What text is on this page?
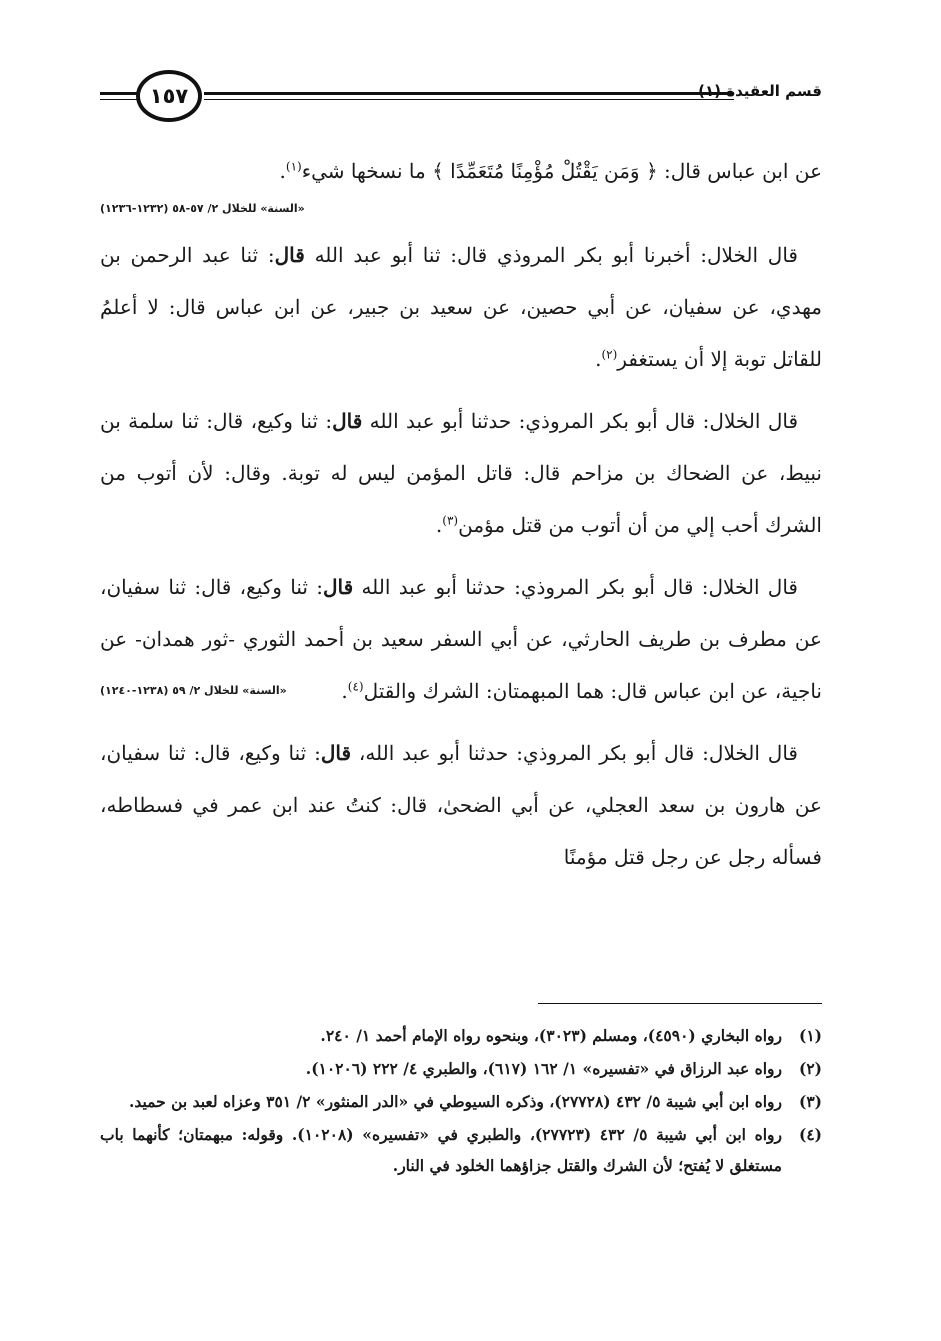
١٥٧	قسم العقيدة (١)

عن ابن عباس قال: ﴿ وَمَن يَقْتُلْ مُؤْمِنًا مُتَعَمِّدًا ﴾ ما نسخها شيء$^{(١)}$.

«السنة» للخلال ٢/ ٥٧-٥٨ (١٢٣٢-١٢٣٦)

قال الخلال: أخبرنا أبو بكر المروذي قال: ثنا أبو عبد الله قال: ثنا عبد الرحمن بن مهدي، عن سفيان، عن أبي حصين، عن سعيد بن جبير، عن ابن عباس قال: لا أعلمُ للقاتل توبة إلا أن يستغفر$^{(٢)}$.

قال الخلال: قال أبو بكر المروذي: حدثنا أبو عبد الله قال: ثنا وكيع، قال: ثنا سلمة بن نبيط، عن الضحاك بن مزاحم قال: قاتل المؤمن ليس له توبة. وقال: لأن أتوب من الشرك أحب إلي من أن أتوب من قتل مؤمن$^{(٣)}$.

قال الخلال: قال أبو بكر المروذي: حدثنا أبو عبد الله قال: ثنا وكيع، قال: ثنا سفيان، عن مطرف بن طريف الحارثي، عن أبي السفر سعيد بن أحمد الثوري -ثور همدان- عن ناجية، عن ابن عباس قال: هما المبهمتان: الشرك والقتل$^{(٤)}$.
«السنة» للخلال ٢/ ٥٩ (١٢٣٨-١٢٤٠)

قال الخلال: قال أبو بكر المروذي: حدثنا أبو عبد الله، قال: ثنا وكيع، قال: ثنا سفيان، عن هارون بن سعد العجلي، عن أبي الضحىٰ، قال: كنتُ عند ابن عمر في فسطاطه، فسأله رجل عن رجل قتل مؤمنًا

(١)
رواه البخاري (٤٥٩٠)، ومسلم (٣٠٢٣)، وبنحوه رواه الإمام أحمد ١/ ٢٤٠.
(٢)
رواه عبد الرزاق في «تفسيره» ١/ ١٦٢ (٦١٧)، والطبري ٤/ ٢٢٢ (١٠٢٠٦).
(٣)
رواه ابن أبي شيبة ٥/ ٤٣٢ (٢٧٧٢٨)، وذكره السيوطي في «الدر المنثور» ٢/ ٣٥١ وعزاه لعبد بن حميد.
(٤)
رواه ابن أبي شيبة ٥/ ٤٣٢ (٢٧٧٢٣)، والطبري في «تفسيره» (١٠٢٠٨). وقوله: مبهمتان؛ كأنهما باب مستغلق لا يُفتح؛ لأن الشرك والقتل جزاؤهما الخلود في النار.
